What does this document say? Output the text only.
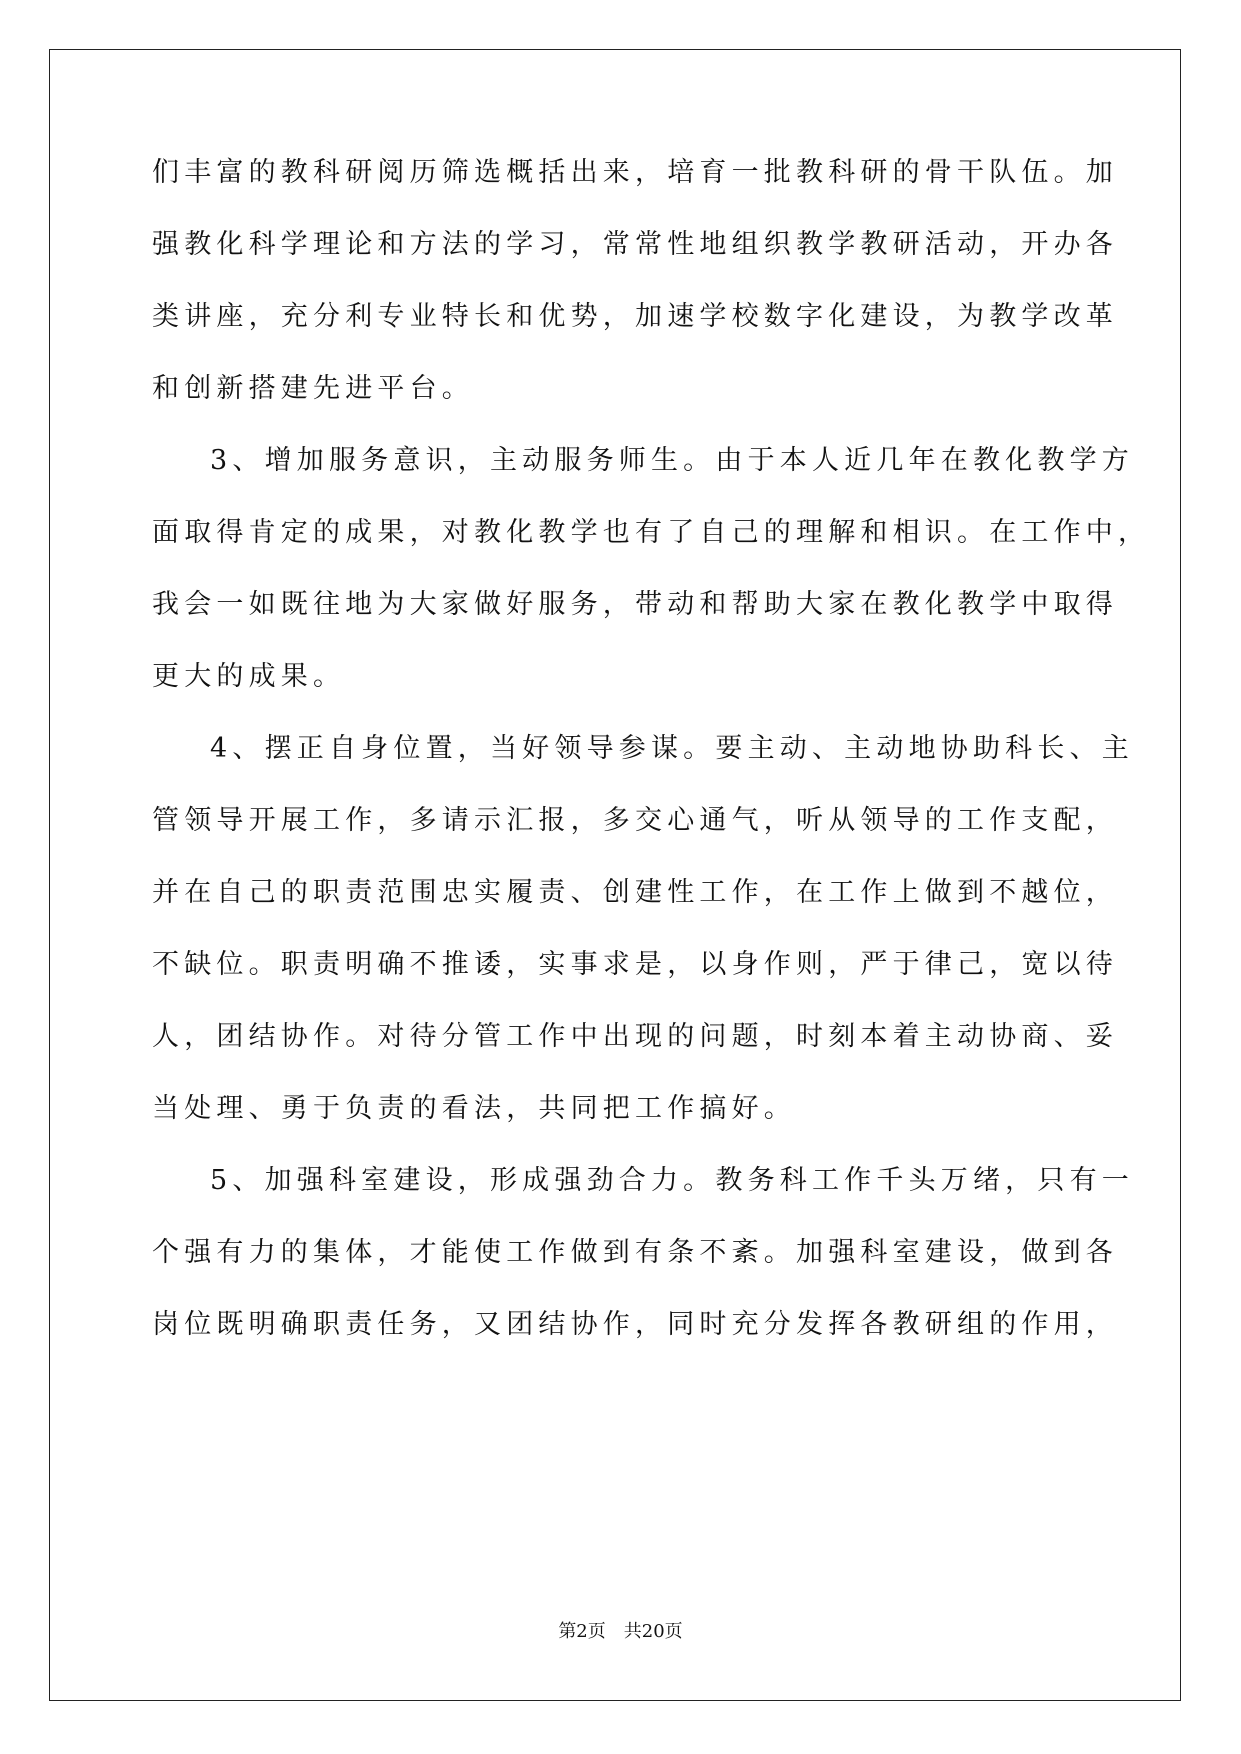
们丰富的教科研阅历筛选概括出来，培育一批教科研的骨干队伍。加
强教化科学理论和方法的学习，常常性地组织教学教研活动，开办各
类讲座，充分利专业特长和优势，加速学校数字化建设，为教学改革
和创新搭建先进平台。
3、增加服务意识，主动服务师生。由于本人近几年在教化教学方
面取得肯定的成果，对教化教学也有了自己的理解和相识。在工作中，
我会一如既往地为大家做好服务，带动和帮助大家在教化教学中取得
更大的成果。
4、摆正自身位置，当好领导参谋。要主动、主动地协助科长、主
管领导开展工作，多请示汇报，多交心通气，听从领导的工作支配，
并在自己的职责范围忠实履责、创建性工作，在工作上做到不越位，
不缺位。职责明确不推诿，实事求是，以身作则，严于律己，宽以待
人，团结协作。对待分管工作中出现的问题，时刻本着主动协商、妥
当处理、勇于负责的看法，共同把工作搞好。
5、加强科室建设，形成强劲合力。教务科工作千头万绪，只有一
个强有力的集体，才能使工作做到有条不紊。加强科室建设，做到各
岗位既明确职责任务，又团结协作，同时充分发挥各教研组的作用，
第2页  共20页
